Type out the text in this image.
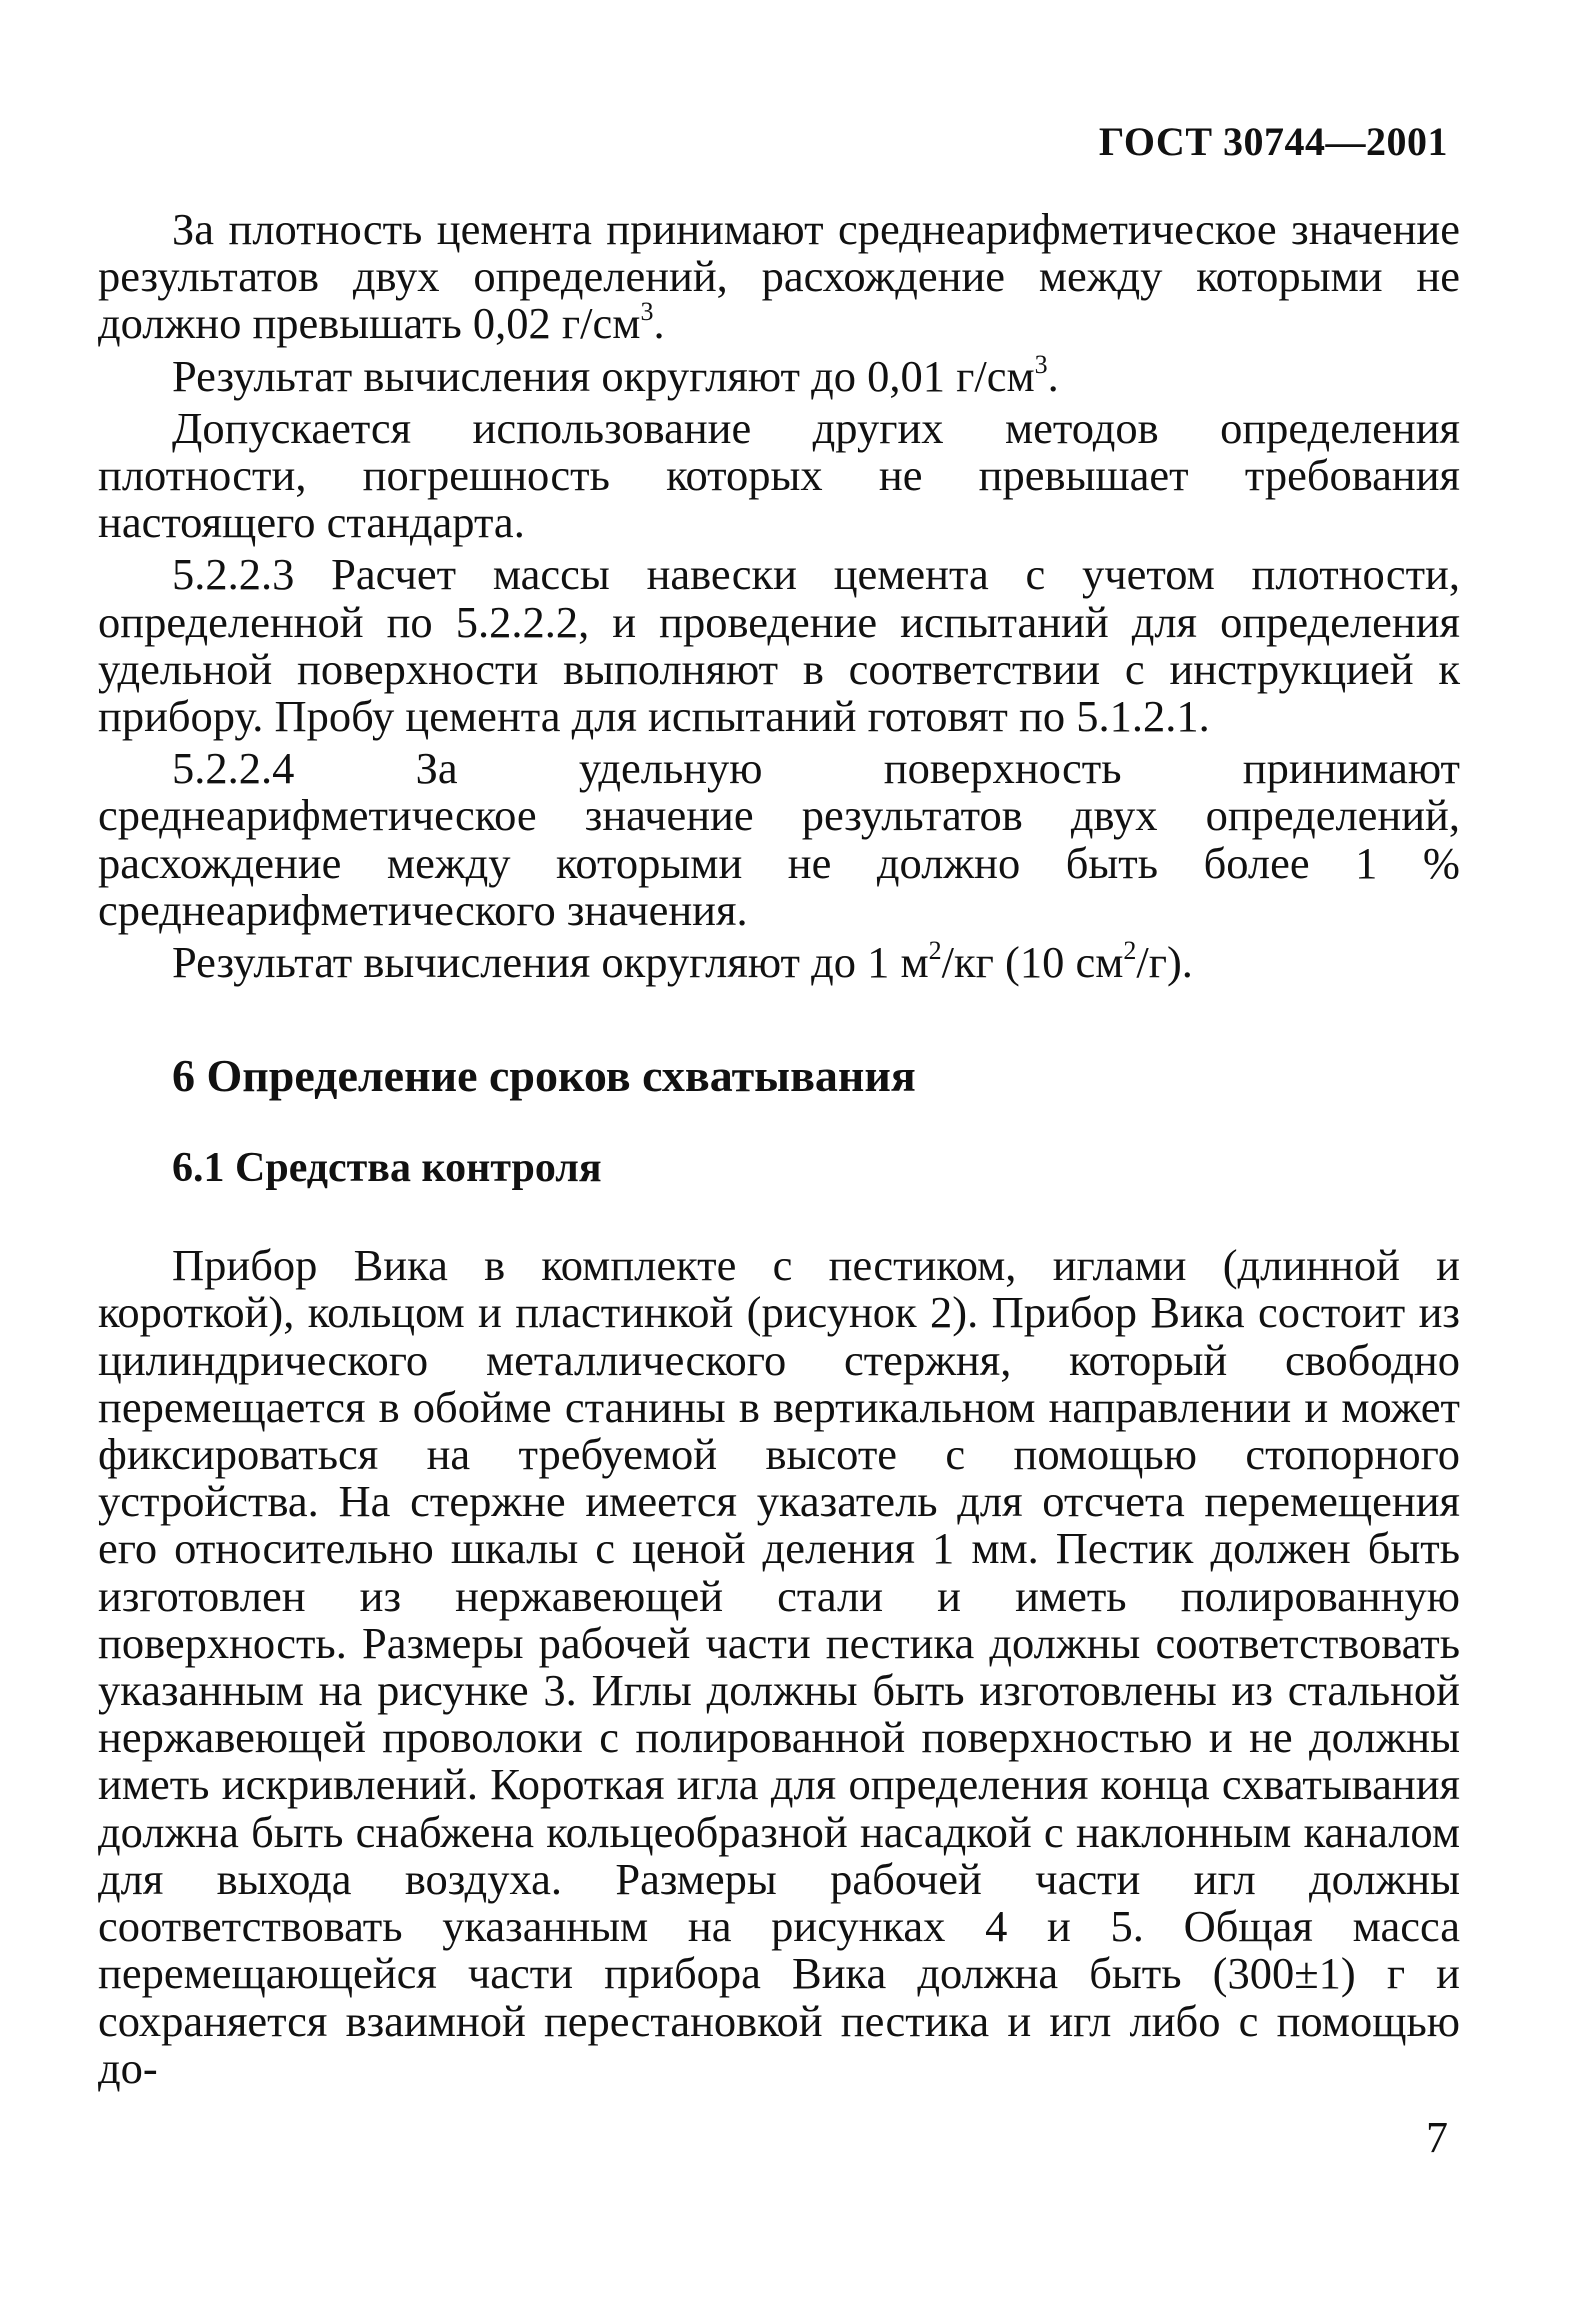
ГОСТ 30744—2001

За плотность цемента принимают среднеарифметическое значение результатов двух определений, расхождение между которыми не должно превышать 0,02 $г/см^3$.

Результат вычисления округляют до 0,01 $г/см^3$.

Допускается использование других методов определения плотности, погрешность которых не превышает требования настоящего стандарта.

5.2.2.3 Расчет массы навески цемента с учетом плотности, определенной по 5.2.2.2, и проведение испытаний для определения удельной поверхности выполняют в соответствии с инструкцией к прибору. Пробу цемента для испытаний готовят по 5.1.2.1.

5.2.2.4 За удельную поверхность принимают среднеарифметическое значение результатов двух определений, расхождение между которыми не должно быть более 1 % среднеарифметического значения.

Результат вычисления округляют до 1 $м^2/кг$ (10 $см^2/г$).

6 Определение сроков схватывания
6.1 Средства контроля

Прибор Вика в комплекте с пестиком, иглами (длинной и короткой), кольцом и пластинкой (рисунок 2). Прибор Вика состоит из цилиндрического металлического стержня, который свободно перемещается в обойме станины в вертикальном направлении и может фиксироваться на требуемой высоте с помощью стопорного устройства. На стержне имеется указатель для отсчета перемещения его относительно шкалы с ценой деления 1 мм. Пестик должен быть изготовлен из нержавеющей стали и иметь полированную поверхность. Размеры рабочей части пестика должны соответствовать указанным на рисунке 3. Иглы должны быть изготовлены из стальной нержавеющей проволоки с полированной поверхностью и не должны иметь искривлений. Короткая игла для определения конца схватывания должна быть снабжена кольцеобразной насадкой с наклонным каналом для выхода воздуха. Размеры рабочей части игл должны соответствовать указанным на рисунках 4 и 5. Общая масса перемещающейся части прибора Вика должна быть (300±1) г и сохраняется взаимной перестановкой пестика и игл либо с помощью до-

7
